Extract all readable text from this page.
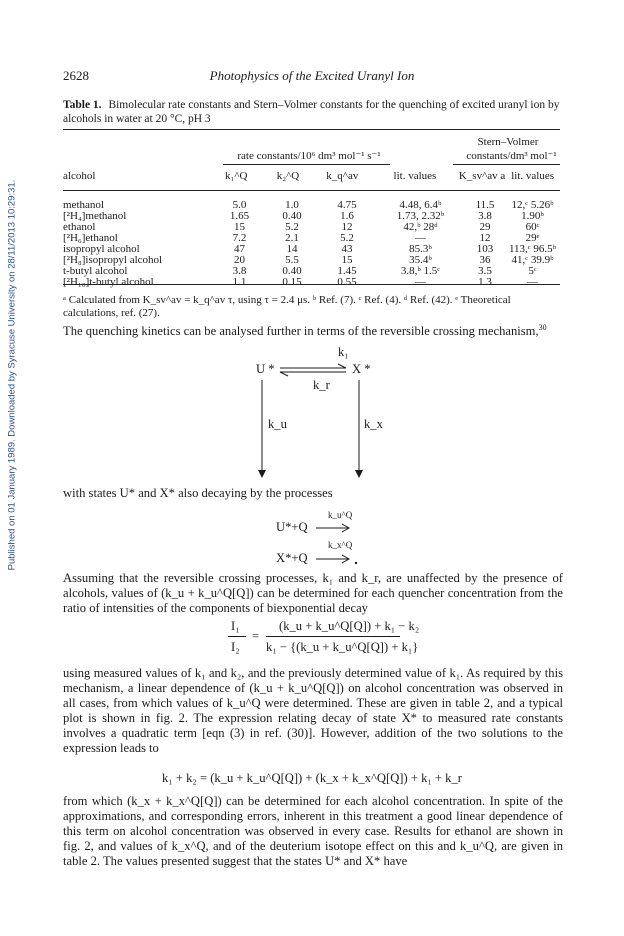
Published on 01 January 1989. Downloaded by Syracuse University on 28/11/2013 10:29:31.
2628	Photophysics of the Excited Uranyl Ion
Table 1. Bimolecular rate constants and Stern–Volmer constants for the quenching of excited uranyl ion by alcohols in water at 20 °C, pH 3
Stern–Volmer
rate constants/10⁶ dm³ mol⁻¹ s⁻¹	constants/dm³ mol⁻¹
alcohol	k₁^Q	k₂^Q	k_q^av	lit. values	K_sv^av a	lit. values
methanol	5.0	1.0	4.75	4.48, 6.4ᵇ	11.5	12,ᶜ 5.26ᵇ
[²H₄]methanol	1.65	0.40	1.6	1.73, 2.32ᵇ	3.8	1.90ᵇ
ethanol	15	5.2	12	42,ᵇ 28ᵈ	29	60ᶜ
[²H₆]ethanol	7.2	2.1	5.2	—	12	29ᵉ
isopropyl alcohol	47	14	43	85.3ᵇ	103	113,ᶜ 96.5ᵇ
[²H₈]isopropyl alcohol	20	5.5	15	35.4ᵇ	36	41,ᶜ 39.9ᵇ
t-butyl alcohol	3.8	0.40	1.45	3.8,ᵇ 1.5ᶜ	3.5	5ᶜ
[²H₁₀]t-butyl alcohol	1.1	0.15	0.55	—	1.3	—
ᵃ Calculated from K_sv^av = k_q^av τ, using τ = 2.4 μs. ᵇ Ref. (7). ᶜ Ref. (4). ᵈ Ref. (42). ᵉ Theoretical calculations, ref. (27).
The quenching kinetics can be analysed further in terms of the reversible crossing mechanism,$^{30}$
k₁
U *	X *
k_r
k_u	k_x
with states U* and X* also decaying by the processes
k_u^Q
U*+Q
k_x^Q
X*+Q
Assuming that the reversible crossing processes, k₁ and k_r, are unaffected by the presence of alcohols, values of (k_u + k_u^Q[Q]) can be determined for each quencher concentration from the ratio of intensities of the components of biexponential decay
I₁
I₂
=
(k_u + k_u^Q[Q]) + k₁ − k₂
k₁ − {(k_u + k_u^Q[Q]) + k₁}
using measured values of k₁ and k₂, and the previously determined value of k₁. As required by this mechanism, a linear dependence of (k_u + k_u^Q[Q]) on alcohol concentration was observed in all cases, from which values of k_u^Q were determined. These are given in table 2, and a typical plot is shown in fig. 2. The expression relating decay of state X* to measured rate constants involves a quadratic term [eqn (3) in ref. (30)]. However, addition of the two solutions to the expression leads to
k₁ + k₂ = (k_u + k_u^Q[Q]) + (k_x + k_x^Q[Q]) + k₁ + k_r
from which (k_x + k_x^Q[Q]) can be determined for each alcohol concentration. In spite of the approximations, and corresponding errors, inherent in this treatment a good linear dependence of this term on alcohol concentration was observed in every case. Results for ethanol are shown in fig. 2, and values of k_x^Q, and of the deuterium isotope effect on this and k_u^Q, are given in table 2. The values presented suggest that the states U* and X* have
